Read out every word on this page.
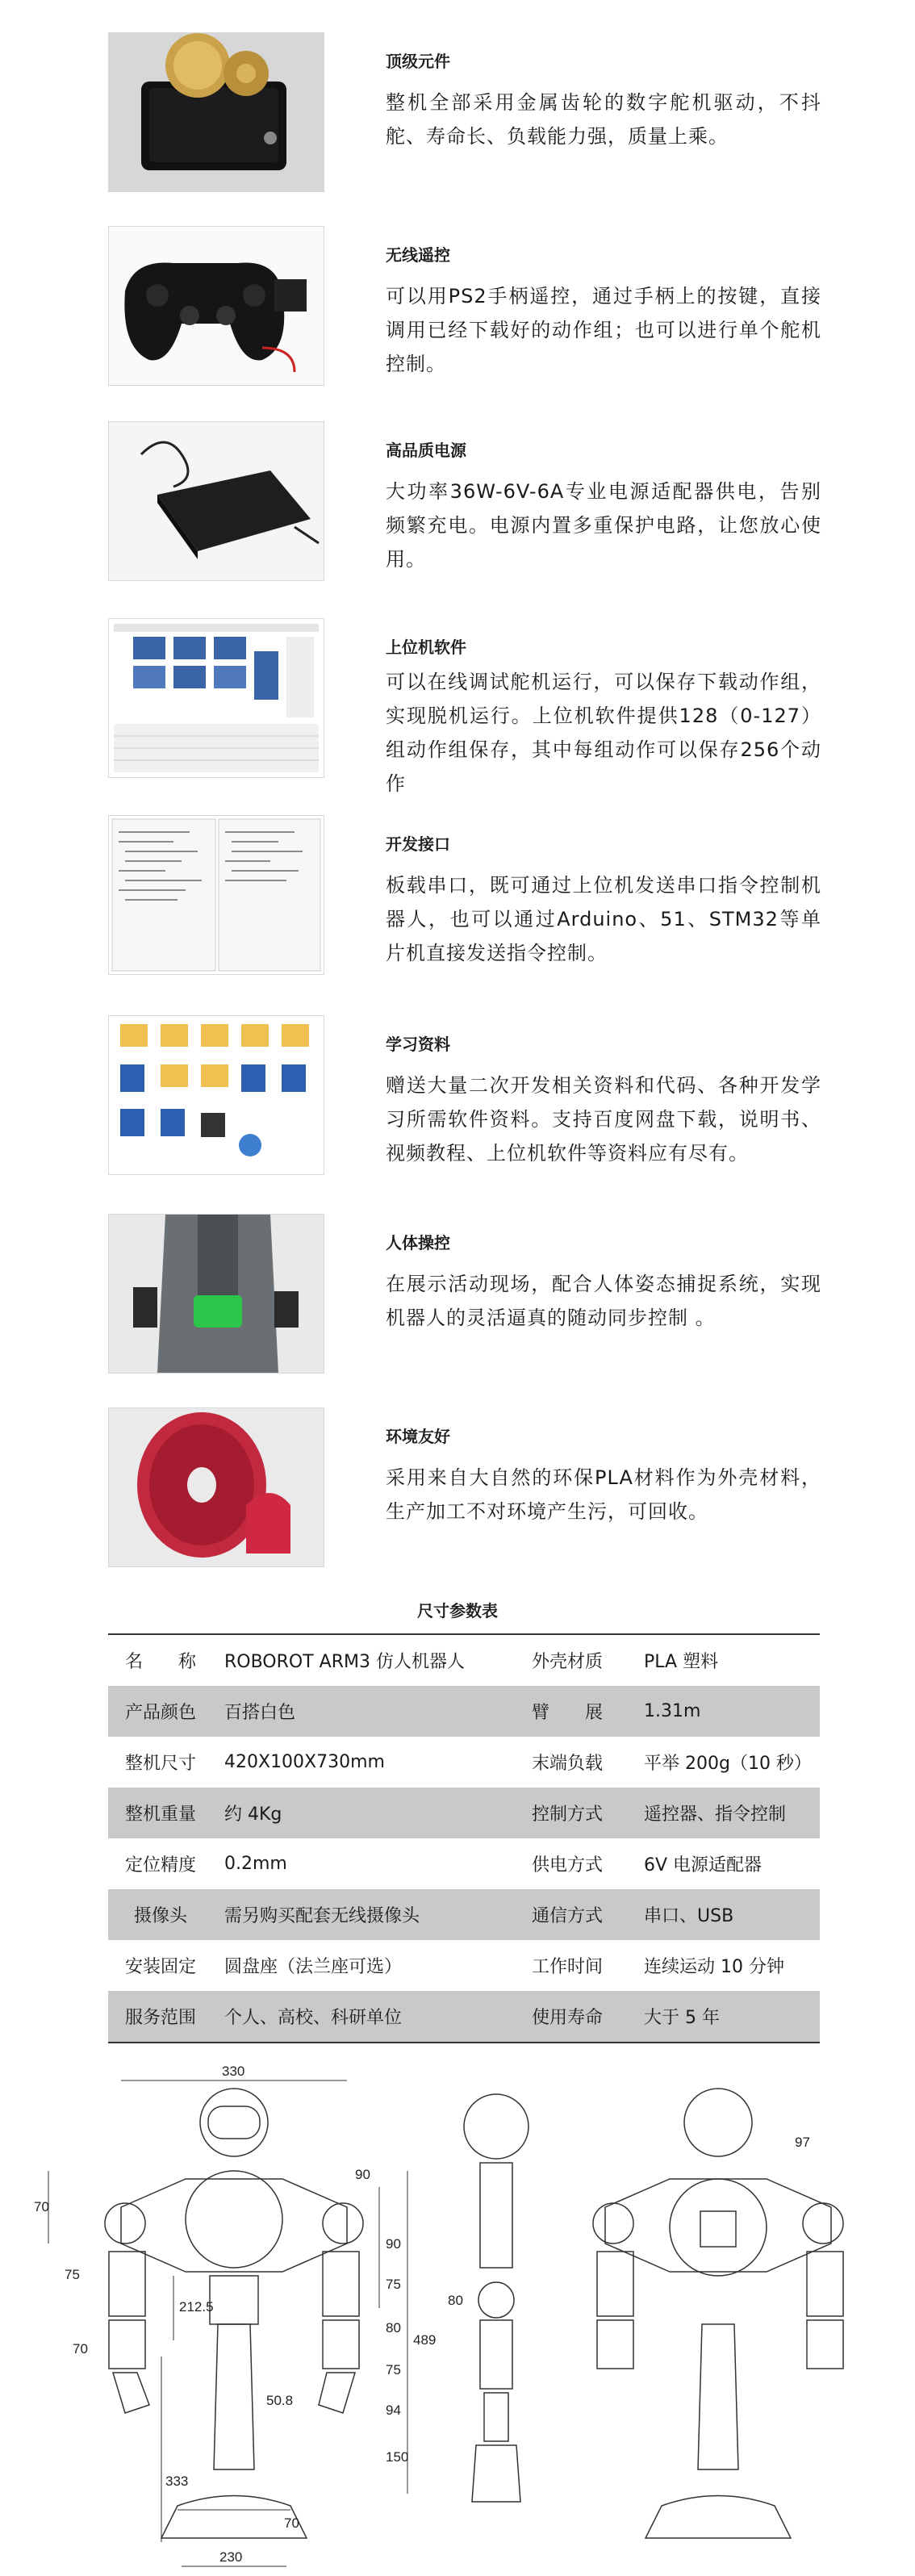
顶级元件
整机全部采用金属齿轮的数字舵机驱动，不抖舵、寿命长、负载能力强，质量上乘。
无线遥控
可以用PS2手柄遥控，通过手柄上的按键，直接调用已经下载好的动作组；也可以进行单个舵机控制。
高品质电源
大功率36W-6V-6A专业电源适配器供电，告别频繁充电。电源内置多重保护电路，让您放心使用。
上位机软件
可以在线调试舵机运行，可以保存下载动作组，实现脱机运行。上位机软件提供128（0-127）组动作组保存，其中每组动作可以保存256个动作
开发接口
板载串口，既可通过上位机发送串口指令控制机器人，也可以通过Arduino、51、STM32等单片机直接发送指令控制。
学习资料
赠送大量二次开发相关资料和代码、各种开发学习所需软件资料。支持百度网盘下载，说明书、视频教程、上位机软件等资料应有尽有。
人体操控
在展示活动现场，配合人体姿态捕捉系统，实现机器人的灵活逼真的随动同步控制 。
环境友好
采用来自大自然的环保PLA材料作为外壳材料，生产加工不对环境产生污，可回收。
尺寸参数表
名　　称	ROBOROT ARM3 仿人机器人	外壳材质	PLA 塑料
产品颜色	百搭白色	臂　　展	1.31m
整机尺寸	420X100X730mm	末端负载	平举 200g（10 秒）
整机重量	约 4Kg	控制方式	遥控器、指令控制
定位精度	0.2mm	供电方式	6V 电源适配器
摄像头	需另购买配套无线摄像头	通信方式	串口、USB
安装固定	圆盘座（法兰座可选）	工作时间	连续运动 10 分钟
服务范围	个人、高校、科研单位	使用寿命	大于 5 年
330
70
75
70
90
212.5
90
75
80
75
94
489
150
333
50.8
70
230
80
97
